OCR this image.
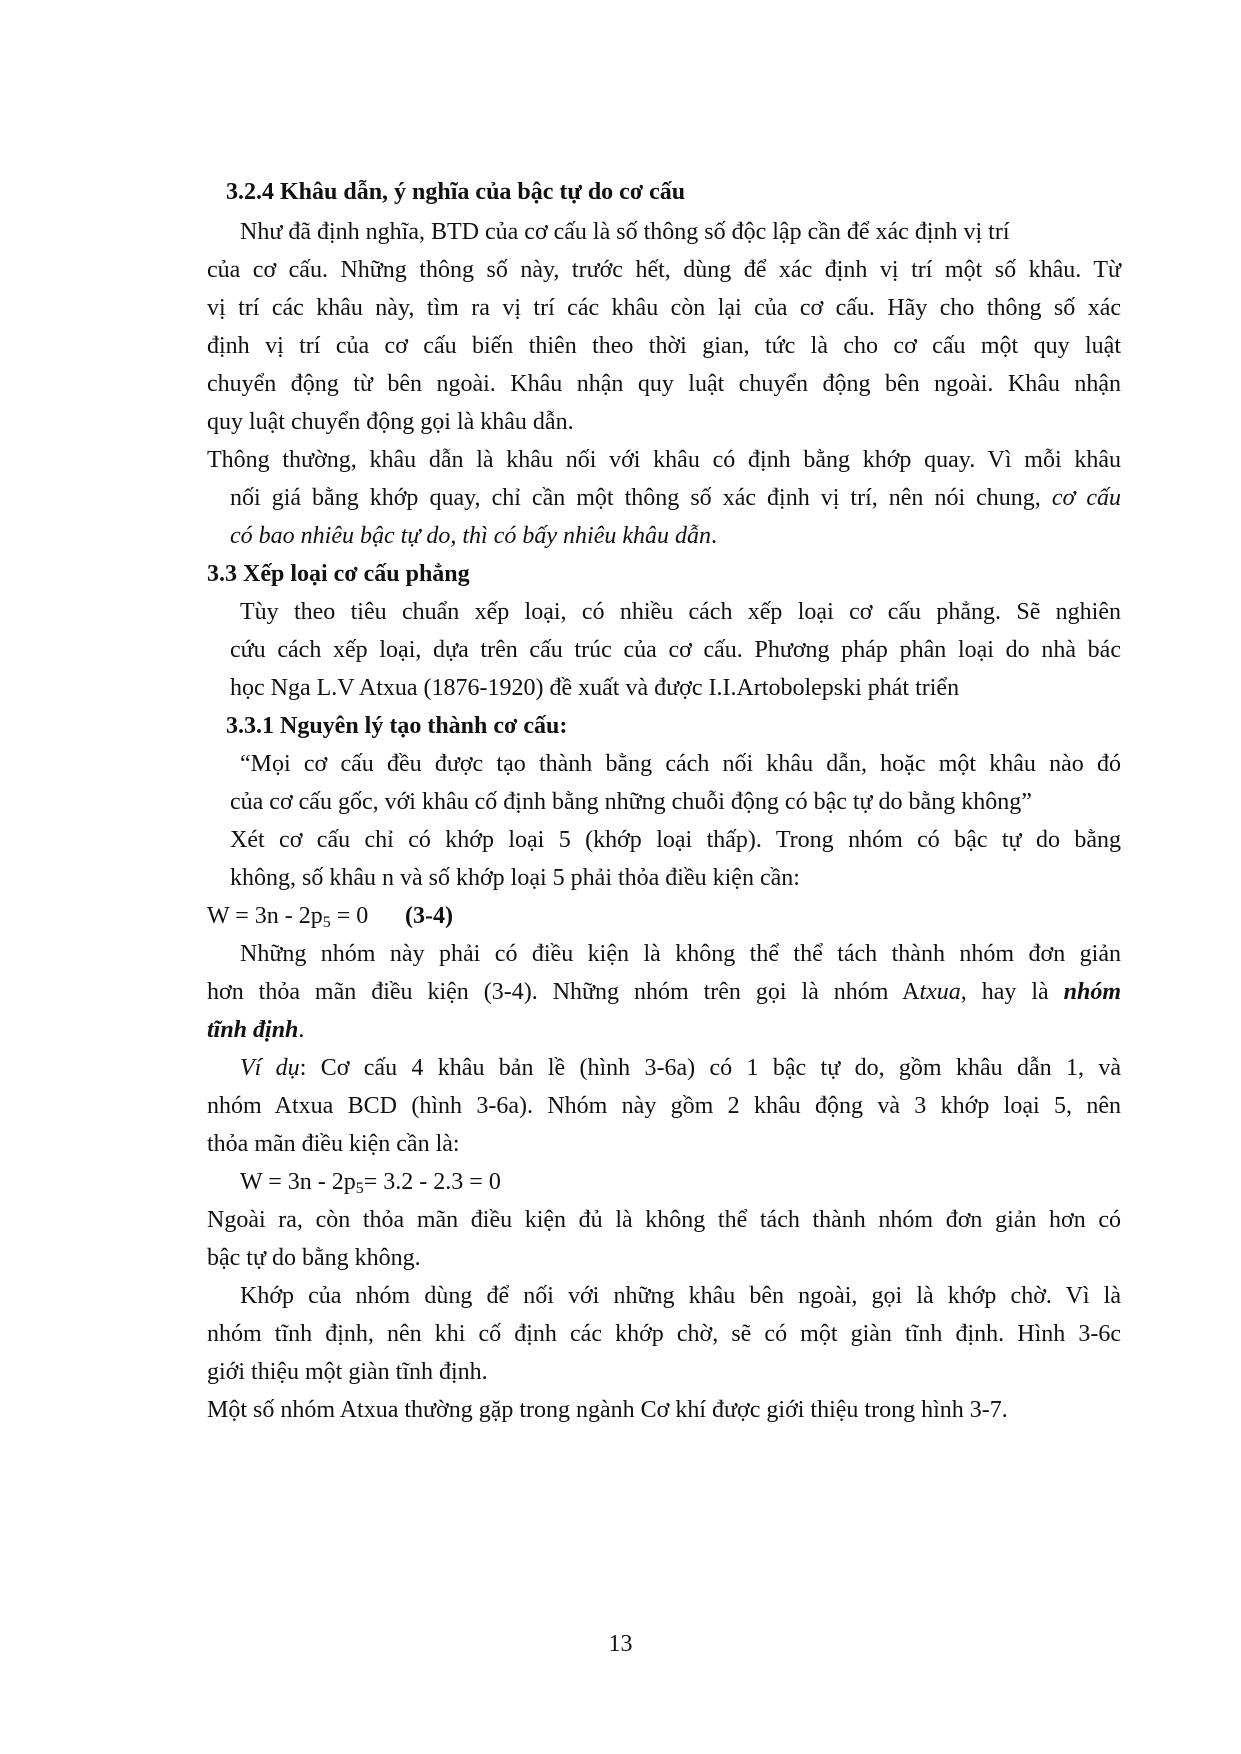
3.2.4 Khâu dẫn, ý nghĩa của bậc tự do cơ cấu
Như đã định nghĩa, BTD của cơ cấu là số thông số độc lập cần để xác định vị trí
của cơ cấu. Những thông số này, trước hết, dùng để xác định vị trí một số khâu. Từ
vị trí các khâu này, tìm ra vị trí các khâu còn lại của cơ cấu. Hãy cho thông số xác
định vị trí của cơ cấu biến thiên theo thời gian, tức là cho cơ cấu một quy luật
chuyển động từ bên ngoài. Khâu nhận quy luật chuyển động bên ngoài. Khâu nhận
quy luật chuyển động gọi là khâu dẫn.
Thông thường, khâu dẫn là khâu nối với khâu có định bằng khớp quay. Vì mỗi khâu
nối giá bằng khớp quay, chỉ cần một thông số xác định vị trí, nên nói chung, cơ cấu
có bao nhiêu bậc tự do, thì có bấy nhiêu khâu dẫn.
3.3 Xếp loại cơ cấu phẳng
Tùy theo tiêu chuẩn xếp loại, có nhiều cách xếp loại cơ cấu phẳng. Sẽ nghiên
cứu cách xếp loại, dựa trên cấu trúc của cơ cấu. Phương pháp phân loại do nhà bác
học Nga L.V Atxua (1876-1920) đề xuất và được I.I.Artobolepski phát triển
3.3.1 Nguyên lý tạo thành cơ cấu:
“Mọi cơ cấu đều được tạo thành bằng cách nối khâu dẫn, hoặc một khâu nào đó
của cơ cấu gốc, với khâu cố định bằng những chuỗi động có bậc tự do bằng không”
Xét cơ cấu chỉ có khớp loại 5 (khớp loại thấp). Trong nhóm có bậc tự do bằng
không, số khâu n và số khớp loại 5 phải thỏa điều kiện cần:
$W = 3n - 2p_5 = 0$ (3-4)
Những nhóm này phải có điều kiện là không thể thể tách thành nhóm đơn giản
hơn thỏa mãn điều kiện (3-4). Những nhóm trên gọi là nhóm Atxua, hay là nhóm
tĩnh định.
Ví dụ: Cơ cấu 4 khâu bản lề (hình 3-6a) có 1 bậc tự do, gồm khâu dẫn 1, và
nhóm Atxua BCD (hình 3-6a). Nhóm này gồm 2 khâu động và 3 khớp loại 5, nên
thỏa mãn điều kiện cần là:
$W = 3n - 2p_5= 3.2 - 2.3 = 0$
Ngoài ra, còn thỏa mãn điều kiện đủ là không thể tách thành nhóm đơn giản hơn có
bậc tự do bằng không.
Khớp của nhóm dùng để nối với những khâu bên ngoài, gọi là khớp chờ. Vì là
nhóm tĩnh định, nên khi cố định các khớp chờ, sẽ có một giàn tĩnh định. Hình 3-6c
giới thiệu một giàn tĩnh định.
Một số nhóm Atxua thường gặp trong ngành Cơ khí được giới thiệu trong hình 3-7.
13
